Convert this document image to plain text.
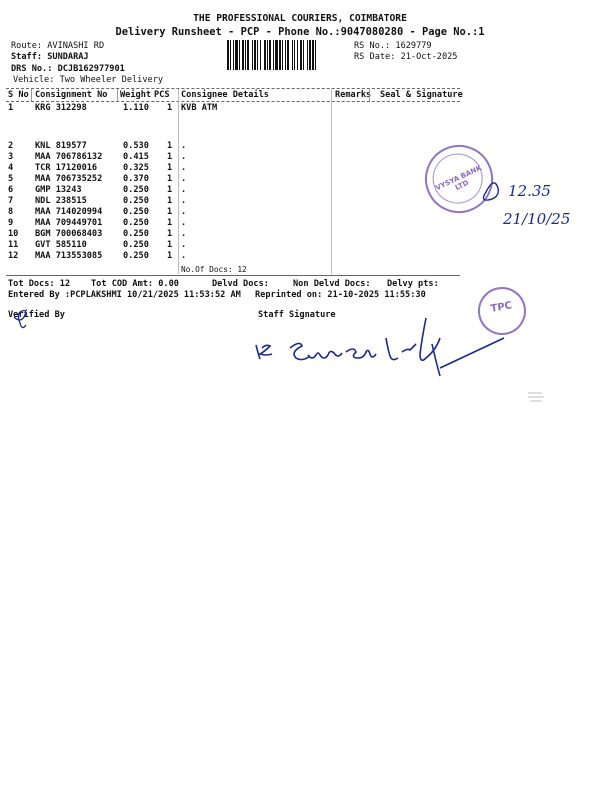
THE PROFESSIONAL COURIERS, COIMBATORE
Delivery Runsheet - PCP - Phone No.:9047080280 - Page No.:1
Route: AVINASHI RD
Staff: SUNDARAJ
DRS No.: DCJB162977901
Vehicle: Two Wheeler Delivery
RS No.: 1629779
RS Date: 21-Oct-2025
S No Consignment No Weight PCS Consignee Details	Remarks Seal & Signature
1	KRG 312298	1.110 1 KVB ATM
2	KNL 819577	0.530 1 .
3	MAA 706786132 0.415 1 .
4	TCR 17120016	0.325 1 .
5	MAA 706735252 0.370 1 .
6	GMP 13243	0.250 1 .
7	NDL 238515	0.250 1 .
8	MAA 714020994 0.250 1 .
9	MAA 709449701 0.250 1 .
10 BGM 700068403 0.250 1 .
11 GVT 585110	0.250 1 .
12 MAA 713553085 0.250 1 .
No.Of Docs: 12
Tot Docs: 12 Tot COD Amt: 0.00	Delvd Docs:	Non Delvd Docs: Delvy pts:
Entered By :PCPLAKSHMI 10/21/2025 11:53:52 AM Reprinted on: 21-10-2025 11:55:30
Verified By	Staff Signature
VYSYA BANK LTD
TPC
12.35
21/10/25
